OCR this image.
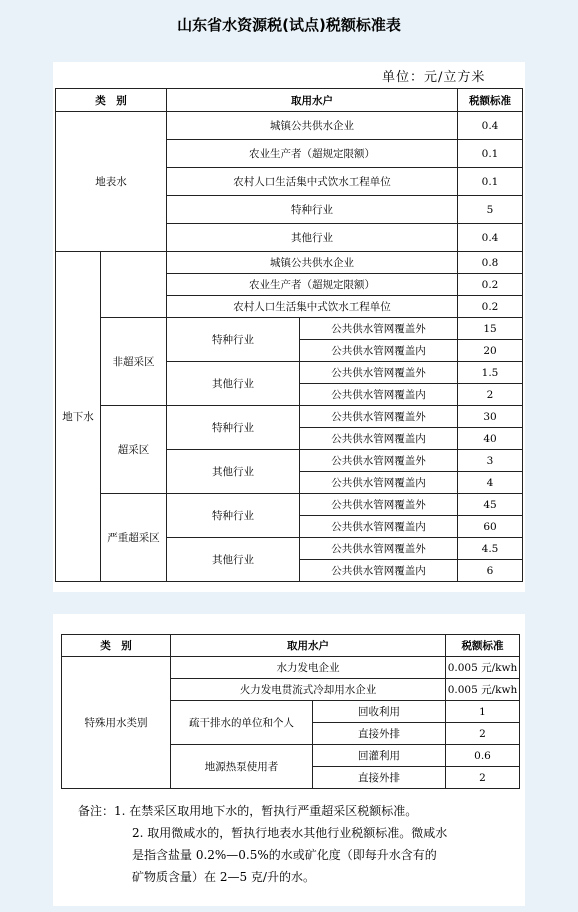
山东省水资源税(试点)税额标准表
单位：元/立方米
类　别		取用水户		税额标准
地表水		城镇公共供水企业		0.4
		农业生产者（超规定限额）		0.1
		农村人口生活集中式饮水工程单位		0.1
		特种行业		5
		其他行业		0.4
地下水		城镇公共供水企业		0.8
		农业生产者（超规定限额）		0.2
		农村人口生活集中式饮水工程单位		0.2
	非超采区	特种行业	公共供水管网覆盖外	15
			公共供水管网覆盖内	20
		其他行业	公共供水管网覆盖外	1.5
			公共供水管网覆盖内	2
	超采区	特种行业	公共供水管网覆盖外	30
			公共供水管网覆盖内	40
		其他行业	公共供水管网覆盖外	3
			公共供水管网覆盖内	4
	严重超采区	特种行业	公共供水管网覆盖外	45
			公共供水管网覆盖内	60
		其他行业	公共供水管网覆盖外	4.5
			公共供水管网覆盖内	6
类　别	取用水户		税额标准
特殊用水类别	水力发电企业		0.005 元/kwh
	火力发电贯流式冷却用水企业		0.005 元/kwh
	疏干排水的单位和个人	回收利用	1
		直接外排	2
	地源热泵使用者	回灌利用	0.6
		直接外排	2
备注：1. 在禁采区取用地下水的，暂执行严重超采区税额标准。
2. 取用微咸水的，暂执行地表水其他行业税额标准。微咸水
是指含盐量 0.2%—0.5%的水或矿化度（即每升水含有的
矿物质含量）在 2—5 克/升的水。
